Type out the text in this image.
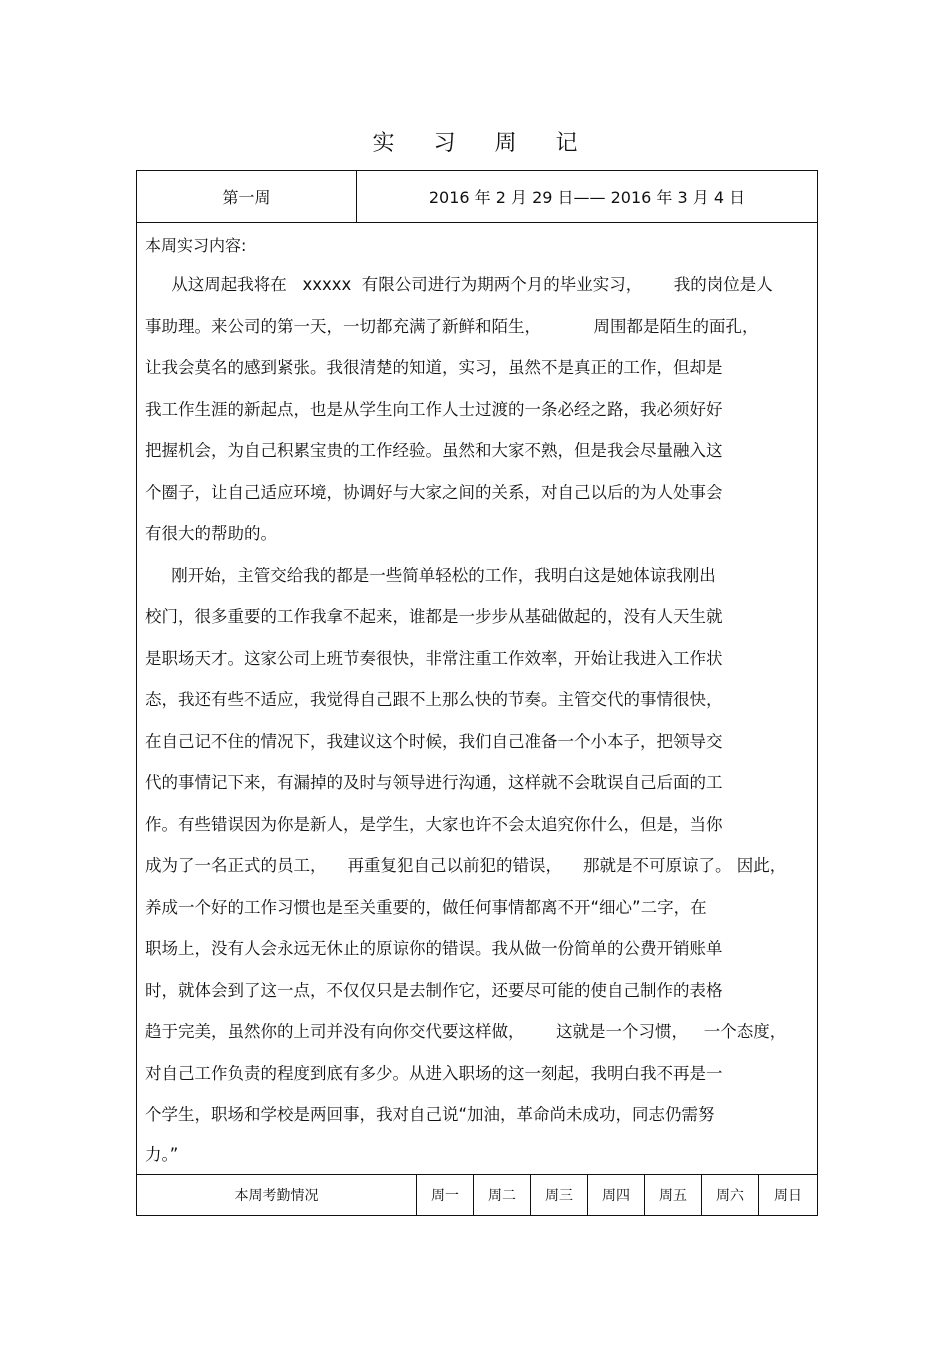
实 习 周 记
第一周	2016 年 2 月 29 日—— 2016 年 3 月 4 日
本周实习内容:
从这周起我将在   xxxxx  有限公司进行为期两个月的毕业实习，      我的岗位是人
事助理。来公司的第一天，一切都充满了新鲜和陌生，          周围都是陌生的面孔，
让我会莫名的感到紧张。我很清楚的知道，实习，虽然不是真正的工作，但却是
我工作生涯的新起点，也是从学生向工作人士过渡的一条必经之路，我必须好好
把握机会，为自己积累宝贵的工作经验。虽然和大家不熟，但是我会尽量融入这
个圈子，让自己适应环境，协调好与大家之间的关系，对自己以后的为人处事会
有很大的帮助的。
刚开始，主管交给我的都是一些简单轻松的工作，我明白这是她体谅我刚出
校门，很多重要的工作我拿不起来，谁都是一步步从基础做起的，没有人天生就
是职场天才。这家公司上班节奏很快，非常注重工作效率，开始让我进入工作状
态，我还有些不适应，我觉得自己跟不上那么快的节奏。主管交代的事情很快，
在自己记不住的情况下，我建议这个时候，我们自己准备一个小本子，把领导交
代的事情记下来，有漏掉的及时与领导进行沟通，这样就不会耽误自己后面的工
作。有些错误因为你是新人，是学生，大家也许不会太追究你什么，但是，当你
成为了一名正式的员工，    再重复犯自己以前犯的错误，    那就是不可原谅了。 因此，
养成一个好的工作习惯也是至关重要的，做任何事情都离不开“细心”二字，在
职场上，没有人会永远无休止的原谅你的错误。我从做一份简单的公费开销账单
时，就体会到了这一点，不仅仅只是去制作它，还要尽可能的使自己制作的表格
趋于完美，虽然你的上司并没有向你交代要这样做，      这就是一个习惯，   一个态度，
对自己工作负责的程度到底有多少。从进入职场的这一刻起，我明白我不再是一
个学生，职场和学校是两回事，我对自己说“加油，革命尚未成功，同志仍需努
力。”
本周考勤情况	周一	周二	周三	周四	周五	周六	周日
